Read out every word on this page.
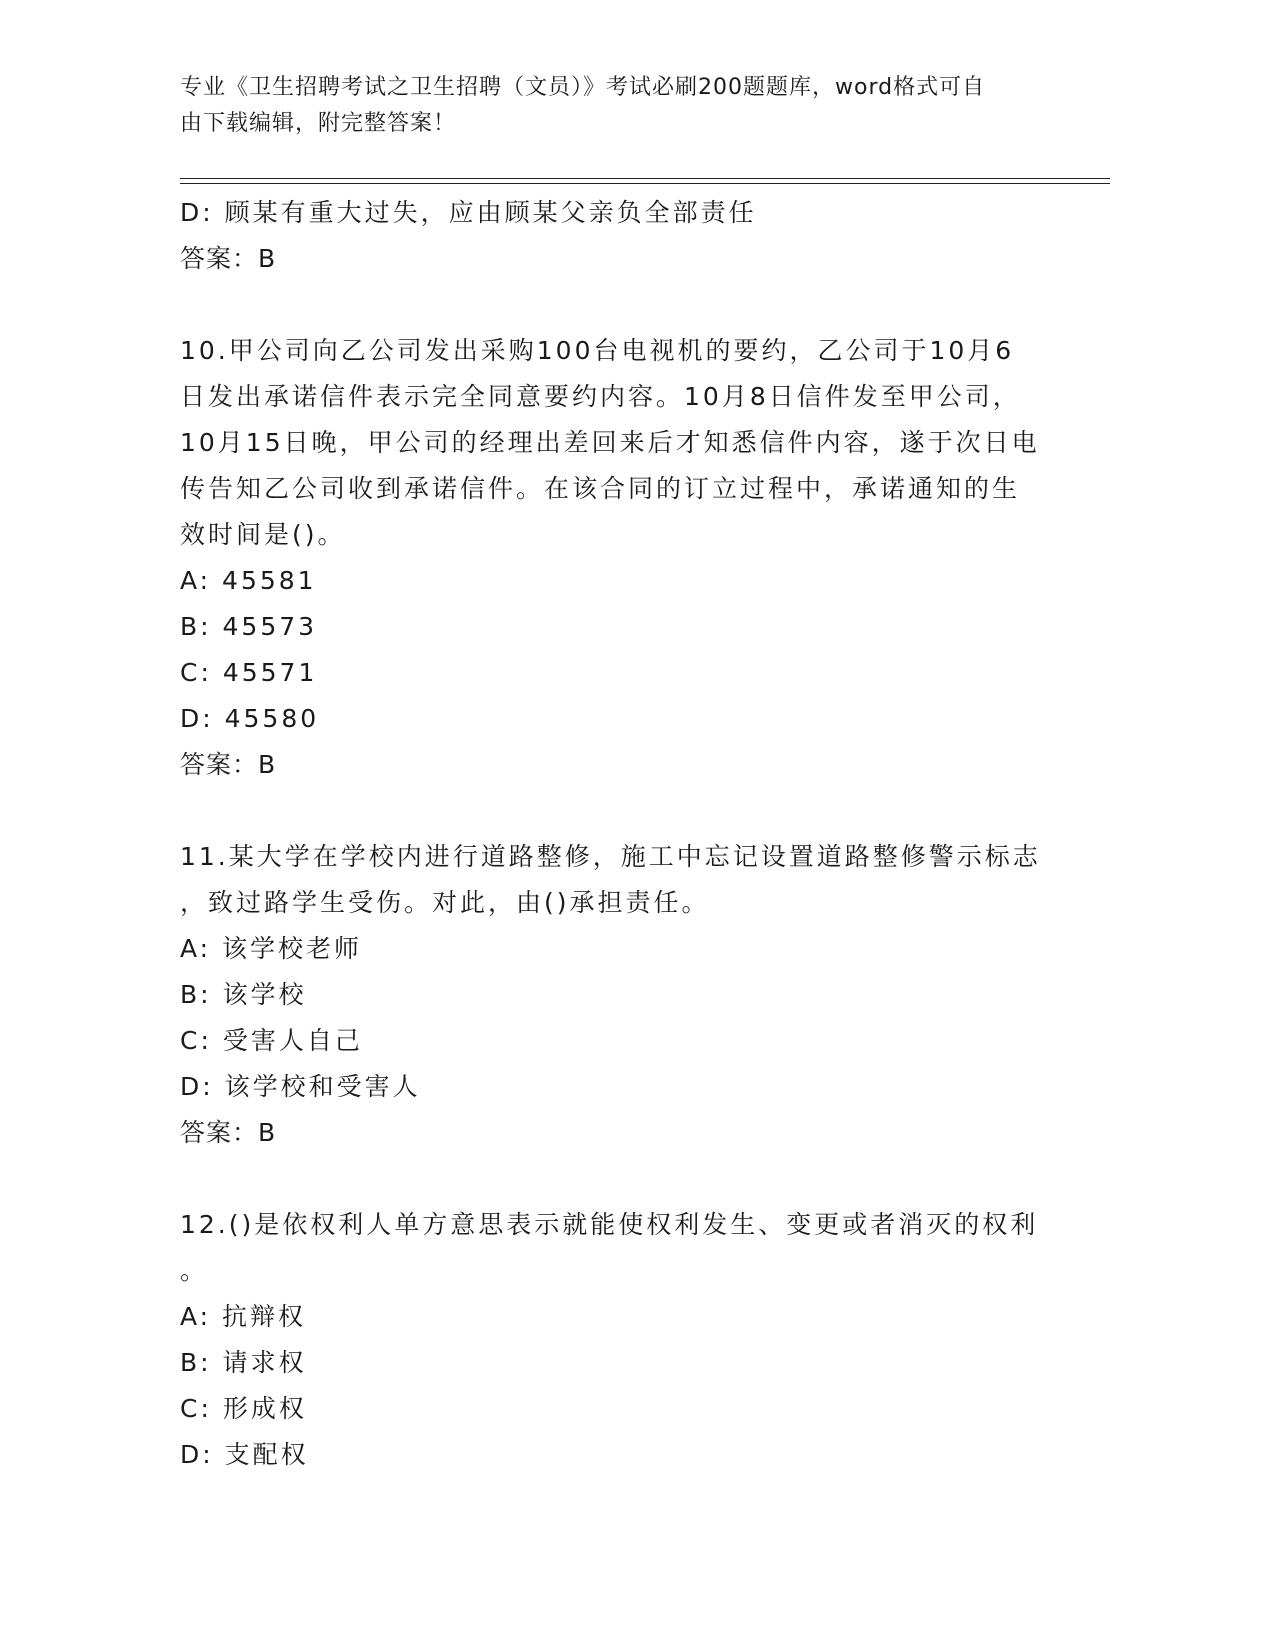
专业《卫生招聘考试之卫生招聘（文员）》考试必刷200题题库，word格式可自
由下载编辑，附完整答案！
D: 顾某有重大过失，应由顾某父亲负全部责任
答案：B
10.甲公司向乙公司发出采购100台电视机的要约，乙公司于10月6
日发出承诺信件表示完全同意要约内容。10月8日信件发至甲公司，
10月15日晚，甲公司的经理出差回来后才知悉信件内容，遂于次日电
传告知乙公司收到承诺信件。在该合同的订立过程中，承诺通知的生
效时间是()。
A: 45581
B: 45573
C: 45571
D: 45580
答案：B
11.某大学在学校内进行道路整修，施工中忘记设置道路整修警示标志
，致过路学生受伤。对此，由()承担责任。
A: 该学校老师
B: 该学校
C: 受害人自己
D: 该学校和受害人
答案：B
12.()是依权利人单方意思表示就能使权利发生、变更或者消灭的权利
。
A: 抗辩权
B: 请求权
C: 形成权
D: 支配权
